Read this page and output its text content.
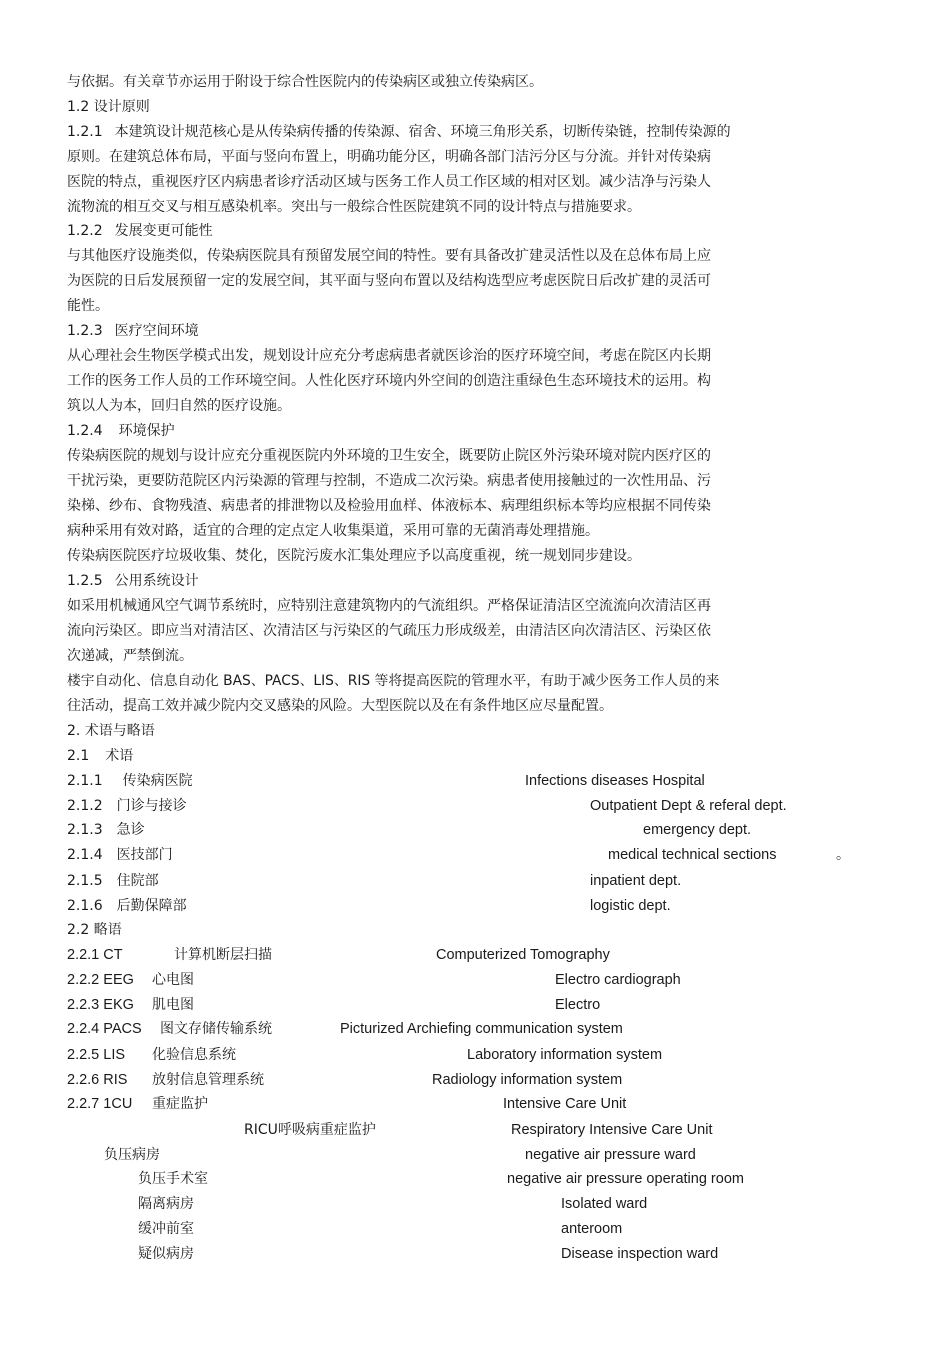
与依据。有关章节亦运用于附设于综合性医院内的传染病区或独立传染病区。
1.2 设计原则
1.2.1 本建筑设计规范核心是从传染病传播的传染源、宿舍、环境三角形关系，切断传染链，控制传染源的
原则。在建筑总体布局，平面与竖向布置上，明确功能分区，明确各部门洁污分区与分流。并针对传染病
医院的特点，重视医疗区内病患者诊疗活动区域与医务工作人员工作区域的相对区划。减少洁净与污染人
流物流的相互交叉与相互感染机率。突出与一般综合性医院建筑不同的设计特点与措施要求。
1.2.2 发展变更可能性
与其他医疗设施类似，传染病医院具有预留发展空间的特性。要有具备改扩建灵活性以及在总体布局上应
为医院的日后发展预留一定的发展空间，其平面与竖向布置以及结构选型应考虑医院日后改扩建的灵活可
能性。
1.2.3 医疗空间环境
从心理社会生物医学模式出发，规划设计应充分考虑病患者就医诊治的医疗环境空间，考虑在院区内长期
工作的医务工作人员的工作环境空间。人性化医疗环境内外空间的创造注重绿色生态环境技术的运用。构
筑以人为本，回归自然的医疗设施。
1.2.4 环境保护
传染病医院的规划与设计应充分重视医院内外环境的卫生安全，既要防止院区外污染环境对院内医疗区的
干扰污染，更要防范院区内污染源的管理与控制，不造成二次污染。病患者使用接触过的一次性用品、污
染梯、纱布、食物残渣、病患者的排泄物以及检验用血样、体液标本、病理组织标本等均应根据不同传染
病种采用有效对路，适宜的合理的定点定人收集渠道，采用可靠的无菌消毒处理措施。
传染病医院医疗垃圾收集、焚化，医院污废水汇集处理应予以高度重视，统一规划同步建设。
1.2.5 公用系统设计
如采用机械通风空气调节系统时，应特别注意建筑物内的气流组织。严格保证清洁区空流流向次清洁区再
流向污染区。即应当对清洁区、次清洁区与污染区的气疏压力形成级差，由清洁区向次清洁区、污染区依
次递减，严禁倒流。
楼宇自动化、信息自动化 BAS、PACS、LIS、RIS 等将提高医院的管理水平，有助于减少医务工作人员的来
往活动，提高工效并减少院内交叉感染的风险。大型医院以及在有条件地区应尽量配置。
2. 术语与略语
2.1 术语
2.1.1 传染病医院	Infections diseases Hospital
2.1.2 门诊与接诊	Outpatient Dept & referal dept.
2.1.3 急诊	emergency dept.
2.1.4 医技部门	medical technical sections	。
2.1.5 住院部	inpatient dept.
2.1.6 后勤保障部	logistic dept.
2.2 略语
2.2.1 CT	计算机断层扫描	Computerized Tomography
2.2.2 EEG 心电图	Electro cardiograph
2.2.3 EKG 肌电图	Electro
2.2.4 PACS 图文存储传输系统	Picturized Archiefing communication system
2.2.5 LIS 化验信息系统	Laboratory information system
2.2.6 RIS 放射信息管理系统	Radiology information system
2.2.7 1CU 重症监护	Intensive Care Unit
RICU呼吸病重症监护	Respiratory Intensive Care Unit
负压病房	negative air pressure ward
负压手术室	negative air pressure operating room
隔离病房	Isolated ward
缓冲前室	anteroom
疑似病房	Disease inspection ward
